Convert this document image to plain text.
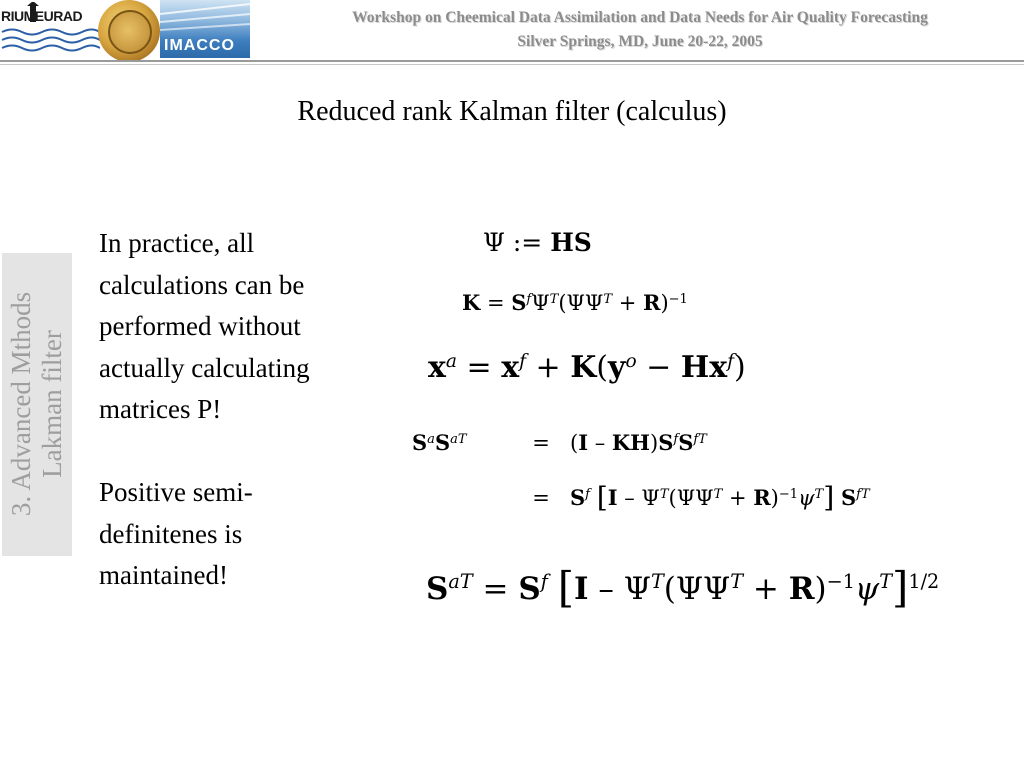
RIUMEURAD
IMACCO
Workshop on Cheemical Data Assimilation and Data Needs for Air Quality Forecasting
Silver Springs, MD, June 20-22, 2005
Reduced rank Kalman filter (calculus)
3. Advanced Mthods Lakman filter

In practice, all

calculations can be

performed without

actually calculating

matrices P!

Positive semi-

definitenes is

maintained!

Ψ := HS
$K = S^f\Psi^T(\Psi\Psi^T + R)^{-1}$
$x^a = x^f + K(y^o - Hx^f)$
$S^aS^{aT}$	= $(I - KH)S^fS^{fT}$
= $S^f$ $[I - \Psi^T(\Psi\Psi^T + R)^{-1}\psi^T]$ $S^{fT}$
$S^{aT} = S^f$ $[I - \Psi^T(\Psi\Psi^T + R)^{-1}\psi^T]^{1/2}$
